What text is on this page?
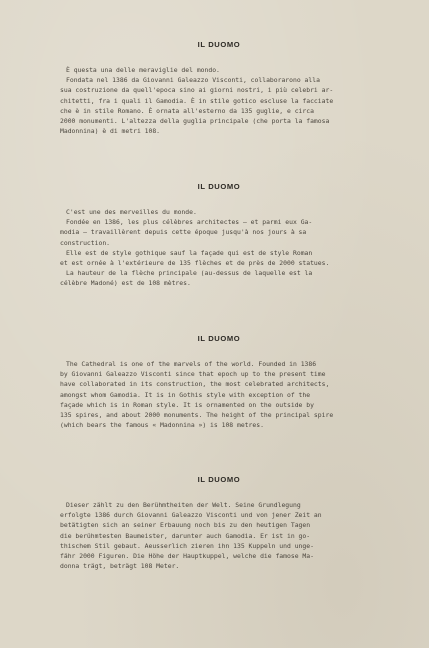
IL DUOMO
È questa una delle meraviglie del mondo.
Fondata nel 1386 da Giovanni Galeazzo Visconti, collaborarono alla
sua costruzione da quell'epoca sino ai giorni nostri, i più celebri ar-
chitetti, fra i quali il Gamodia. È in stile gotico escluse la facciate
che è in stile Romano. È ornata all'esterno da 135 guglie, e circa
2000 monumenti. L'altezza della guglia principale (che porta la famosa
Madonnina) è di metri 108.
IL DUOMO
C'est une des merveilles du monde.
Fondée en 1386, les plus célèbres architectes — et parmi eux Ga-
modia — travaillèrent depuis cette époque jusqu'à nos jours à sa
construction.
Elle est de style gothique sauf la façade qui est de style Roman
et est ornée à l'extérieure de 135 flèches et de près de 2000 statues.
La hauteur de la flèche principale (au-dessus de laquelle est la
célèbre Madoné) est de 108 mètres.
IL DUOMO
The Cathedral is one of the marvels of the world. Founded in 1386
by Giovanni Galeazzo Visconti since that epoch up to the present time
have collaborated in its construction, the most celebrated architects,
amongst whom Gamodia. It is in Gothis style with exception of the
façade which is in Roman style. It is ornamented on the outside by
135 spires, and about 2000 monuments. The height of the principal spire
(which bears the famous « Madonnina ») is 108 metres.
IL DUOMO
Dieser zählt zu den Berühmtheiten der Welt. Seine Grundlegung
erfolgte 1386 durch Giovanni Galeazzo Visconti und von jener Zeit an
betätigten sich an seiner Erbauung noch bis zu den heutigen Tagen
die berühmtesten Baumeister, darunter auch Gamodia. Er ist in go-
thischem Stil gebaut. Aeusserlich zieren ihn 135 Kuppeln und unge-
fähr 2000 Figuren. Die Höhe der Hauptkuppel, welche die famose Ma-
donna trägt, beträgt 108 Meter.
